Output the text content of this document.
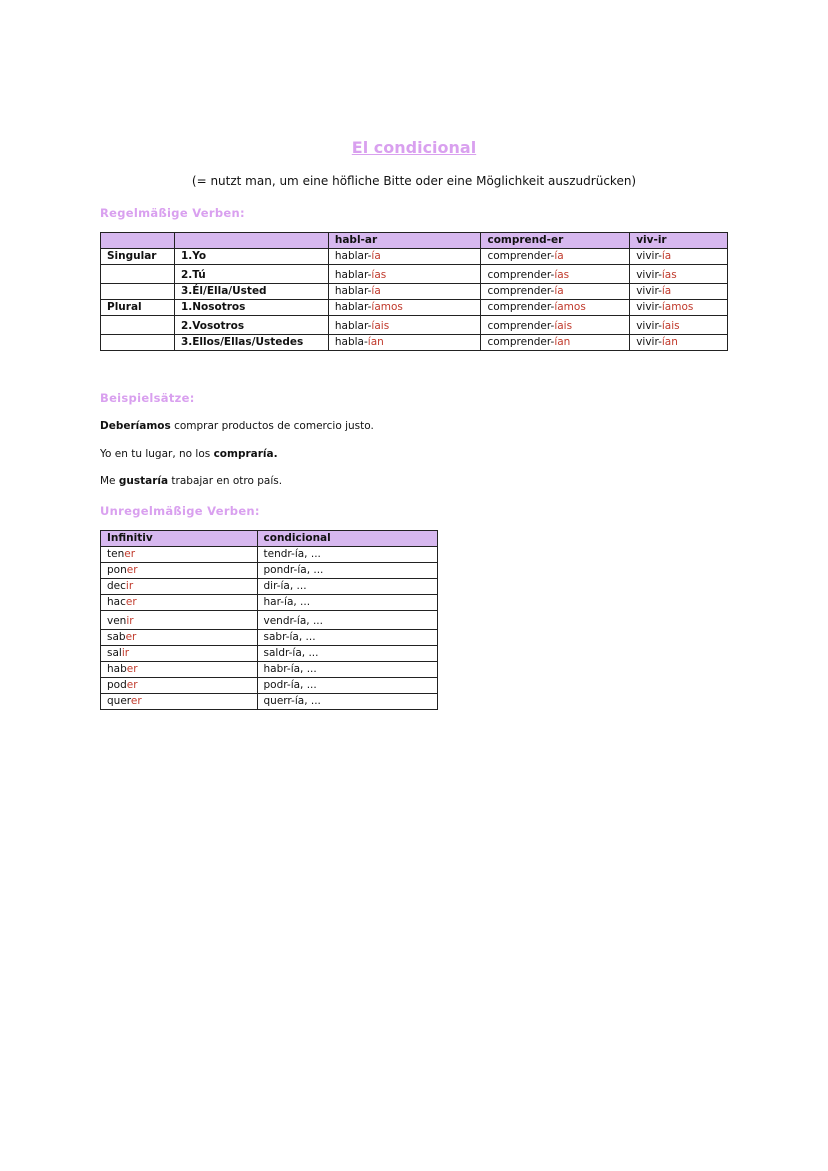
El condicional
(= nutzt man, um eine höfliche Bitte oder eine Möglichkeit auszudrücken)
Regelmäßige Verben:
		habl-ar	comprend-er	viv-ir
Singular	1.Yo	hablar-ía	comprender-ía	vivir-ía
	2.Tú	hablar-ías	comprender-ías	vivir-ías
	3.Él/Ella/Usted	hablar-ía	comprender-ía	vivir-ía
Plural	1.Nosotros	hablar-íamos	comprender-íamos	vivir-íamos
	2.Vosotros	hablar-íais	comprender-íais	vivir-íais
	3.Ellos/Ellas/Ustedes	habla-ían	comprender-ían	vivir-ían
Beispielsätze:
Deberíamos comprar productos de comercio justo.
Yo en tu lugar, no los compraría.
Me gustaría trabajar en otro país.
Unregelmäßige Verben:
Infinitiv	condicional
tener	tendr-ía, ...
poner	pondr-ía, ...
decir	dir-ía, ...
hacer	har-ía, ...
venir	vendr-ía, ...
saber	sabr-ía, ...
salir	saldr-ía, ...
haber	habr-ía, ...
poder	podr-ía, ...
querer	querr-ía, ...
